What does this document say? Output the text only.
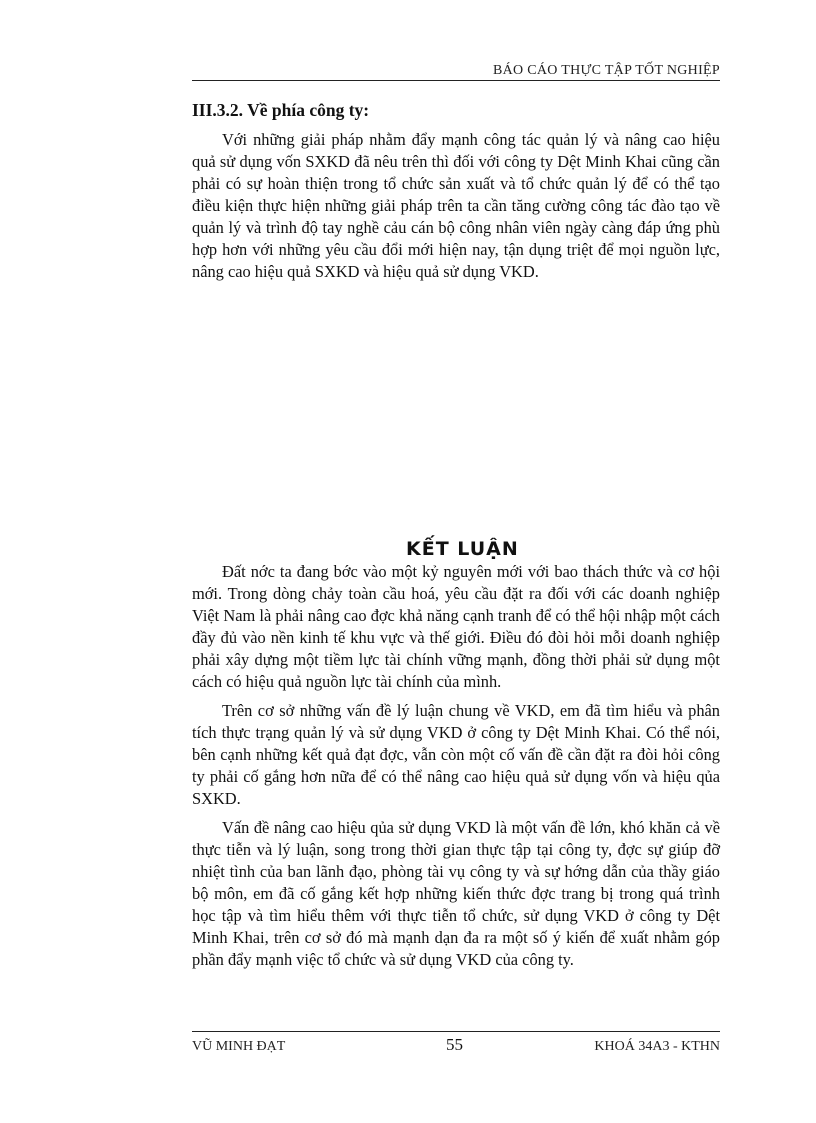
BÁO CÁO THỰC TẬP TỐT NGHIỆP
III.3.2. Về phía công ty:

Với những giải pháp nhằm đẩy mạnh công tác quản lý và nâng cao hiệu quả sử dụng vốn SXKD đã nêu trên thì đối với công ty Dệt Minh Khai cũng cần phải có sự hoàn thiện trong tổ chức sản xuất và tổ chức quản lý để có thể tạo điều kiện thực hiện những giải pháp trên ta cần tăng cường công tác đào tạo về quản lý và trình độ tay nghề cảu cán bộ công nhân viên ngày càng đáp ứng phù hợp hơn với những yêu cầu đổi mới hiện nay, tận dụng triệt để mọi nguồn lực, nâng cao hiệu quả SXKD và hiệu quả sử dụng VKD.

KẾT LUẬN

Đất nớc ta đang bớc vào một kỷ nguyên mới với bao thách thức và cơ hội mới. Trong dòng chảy toàn cầu hoá, yêu cầu đặt ra đối với các doanh nghiệp Việt Nam là phải nâng cao đợc khả năng cạnh tranh để có thể hội nhập một cách đầy đủ vào nền kinh tế khu vực và thế giới. Điều đó đòi hỏi mỗi doanh nghiệp phải xây dựng một tiềm lực tài chính vững mạnh, đồng thời phải sử dụng một cách có hiệu quả nguồn lực tài chính của mình.

Trên cơ sở những vấn đề lý luận chung về VKD, em đã tìm hiểu và phân tích thực trạng quản lý và sử dụng VKD ở công ty Dệt Minh Khai. Có thể nói, bên cạnh những kết quả đạt đợc, vẫn còn một cố vấn đề cần đặt ra đòi hỏi công ty phải cố gắng hơn nữa để có thể nâng cao hiệu quả sử dụng vốn và hiệu qủa SXKD.

Vấn đề nâng cao hiệu qủa sử dụng VKD là một vấn đề lớn, khó khăn cả về thực tiễn và lý luận, song trong thời gian thực tập tại công ty, đợc sự giúp đỡ nhiệt tình của ban lãnh đạo, phòng tài vụ công ty và sự hớng dẫn của thầy giáo bộ môn, em đã cố gắng kết hợp những kiến thức đợc trang bị trong quá trình học tập và tìm hiểu thêm với thực tiễn tổ chức, sử dụng VKD ở công ty Dệt Minh Khai, trên cơ sở đó mà mạnh dạn đa ra một số ý kiến để xuất nhằm góp phần đẩy mạnh việc tổ chức và sử dụng VKD của công ty.

VŨ MINH ĐẠT	55	KHOÁ 34A3 - KTHN
